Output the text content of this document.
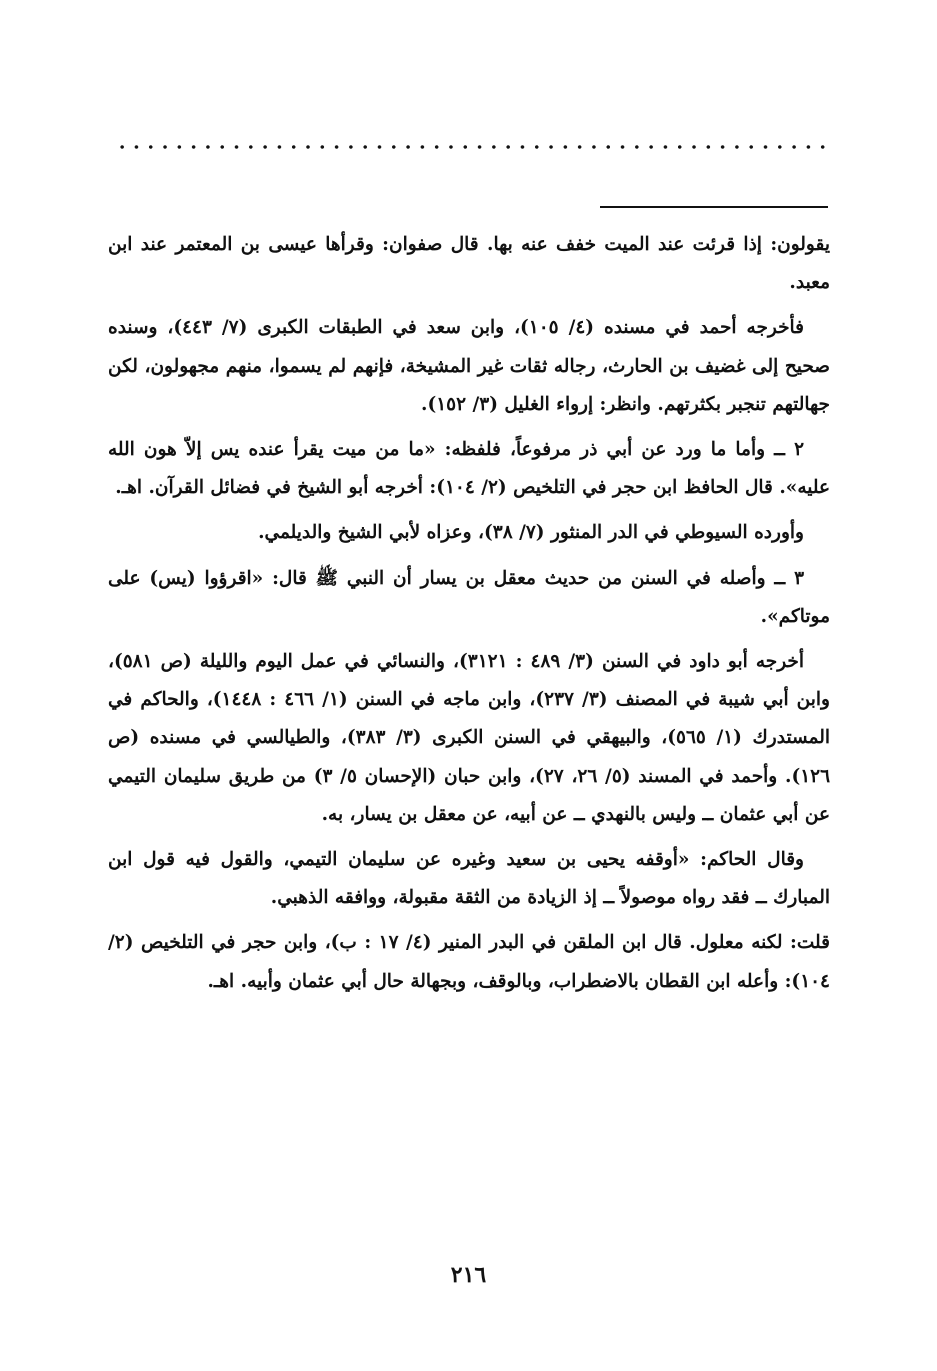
يقولون: إذا قرئت عند الميت خفف عنه بها. قال صفوان: وقرأها عيسى بن المعتمر عند ابن معبد.

فأخرجه أحمد في مسنده (٤/ ١٠٥)، وابن سعد في الطبقات الكبرى (٧/ ٤٤٣)، وسنده صحيح إلى غضيف بن الحارث، رجاله ثقات غير المشيخة، فإنهم لم يسموا، منهم مجهولون، لكن جهالتهم تنجبر بكثرتهم. وانظر: إرواء الغليل (٣/ ١٥٢).

٢ ــ وأما ما ورد عن أبي ذر مرفوعاً، فلفظه: «ما من ميت يقرأ عنده يس إلاّ هون الله عليه». قال الحافظ ابن حجر في التلخيص (٢/ ١٠٤): أخرجه أبو الشيخ في فضائل القرآن. اهـ.

وأورده السيوطي في الدر المنثور (٧/ ٣٨)، وعزاه لأبي الشيخ والديلمي.

٣ ــ وأصله في السنن من حديث معقل بن يسار أن النبي ﷺ قال: «اقرؤوا (يس) على موتاكم».

أخرجه أبو داود في السنن (٣/ ٤٨٩ : ٣١٢١)، والنسائي في عمل اليوم والليلة (ص ٥٨١)، وابن أبي شيبة في المصنف (٣/ ٢٣٧)، وابن ماجه في السنن (١/ ٤٦٦ : ١٤٤٨)، والحاكم في المستدرك (١/ ٥٦٥)، والبيهقي في السنن الكبرى (٣/ ٣٨٣)، والطيالسي في مسنده (ص ١٢٦). وأحمد في المسند (٥/ ٢٦، ٢٧)، وابن حبان (الإحسان ٥/ ٣) من طريق سليمان التيمي عن أبي عثمان ــ وليس بالنهدي ــ عن أبيه، عن معقل بن يسار، به.

وقال الحاكم: «أوقفه يحيى بن سعيد وغيره عن سليمان التيمي، والقول فيه قول ابن المبارك ــ فقد رواه موصولاً ــ إذ الزيادة من الثقة مقبولة، ووافقه الذهبي.

قلت: لكنه معلول. قال ابن الملقن في البدر المنير (٤/ ١٧ : ب)، وابن حجر في التلخيص (٢/ ١٠٤): وأعله ابن القطان بالاضطراب، وبالوقف، وبجهالة حال أبي عثمان وأبيه. اهـ.

٢١٦
